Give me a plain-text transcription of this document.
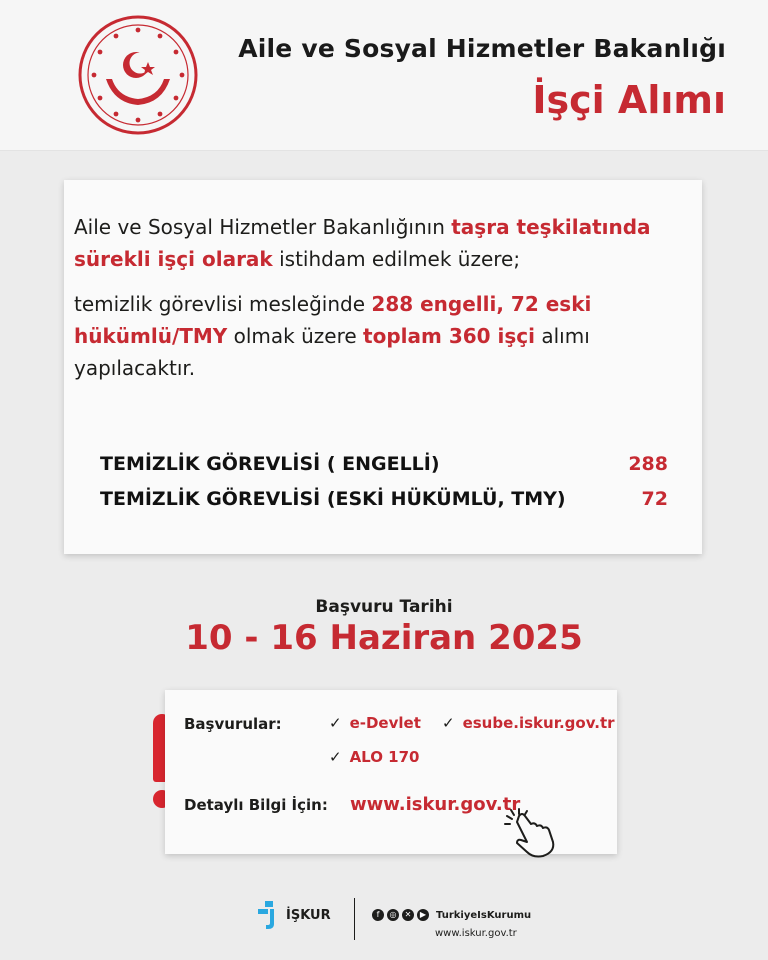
Aile ve Sosyal Hizmetler Bakanlığı
İşçi Alımı
Aile ve Sosyal Hizmetler Bakanlığının taşra teşkilatında sürekli işçi olarak istihdam edilmek üzere;
temizlik görevlisi mesleğinde 288 engelli, 72 eski hükümlü/TMY olmak üzere toplam 360 işçi alımı yapılacaktır.
TEMİZLİK GÖREVLİSİ ( ENGELLİ)	288
TEMİZLİK GÖREVLİSİ (ESKİ HÜKÜMLÜ, TMY)	72
Başvuru Tarihi
10 - 16 Haziran 2025
Başvurular:	✓ e-Devlet ✓ esube.iskur.gov.tr
✓ ALO 170
Detaylı Bilgi İçin: www.iskur.gov.tr
İŞKUR	f	◎	✕	▶ TurkiyeIsKurumu
www.iskur.gov.tr
